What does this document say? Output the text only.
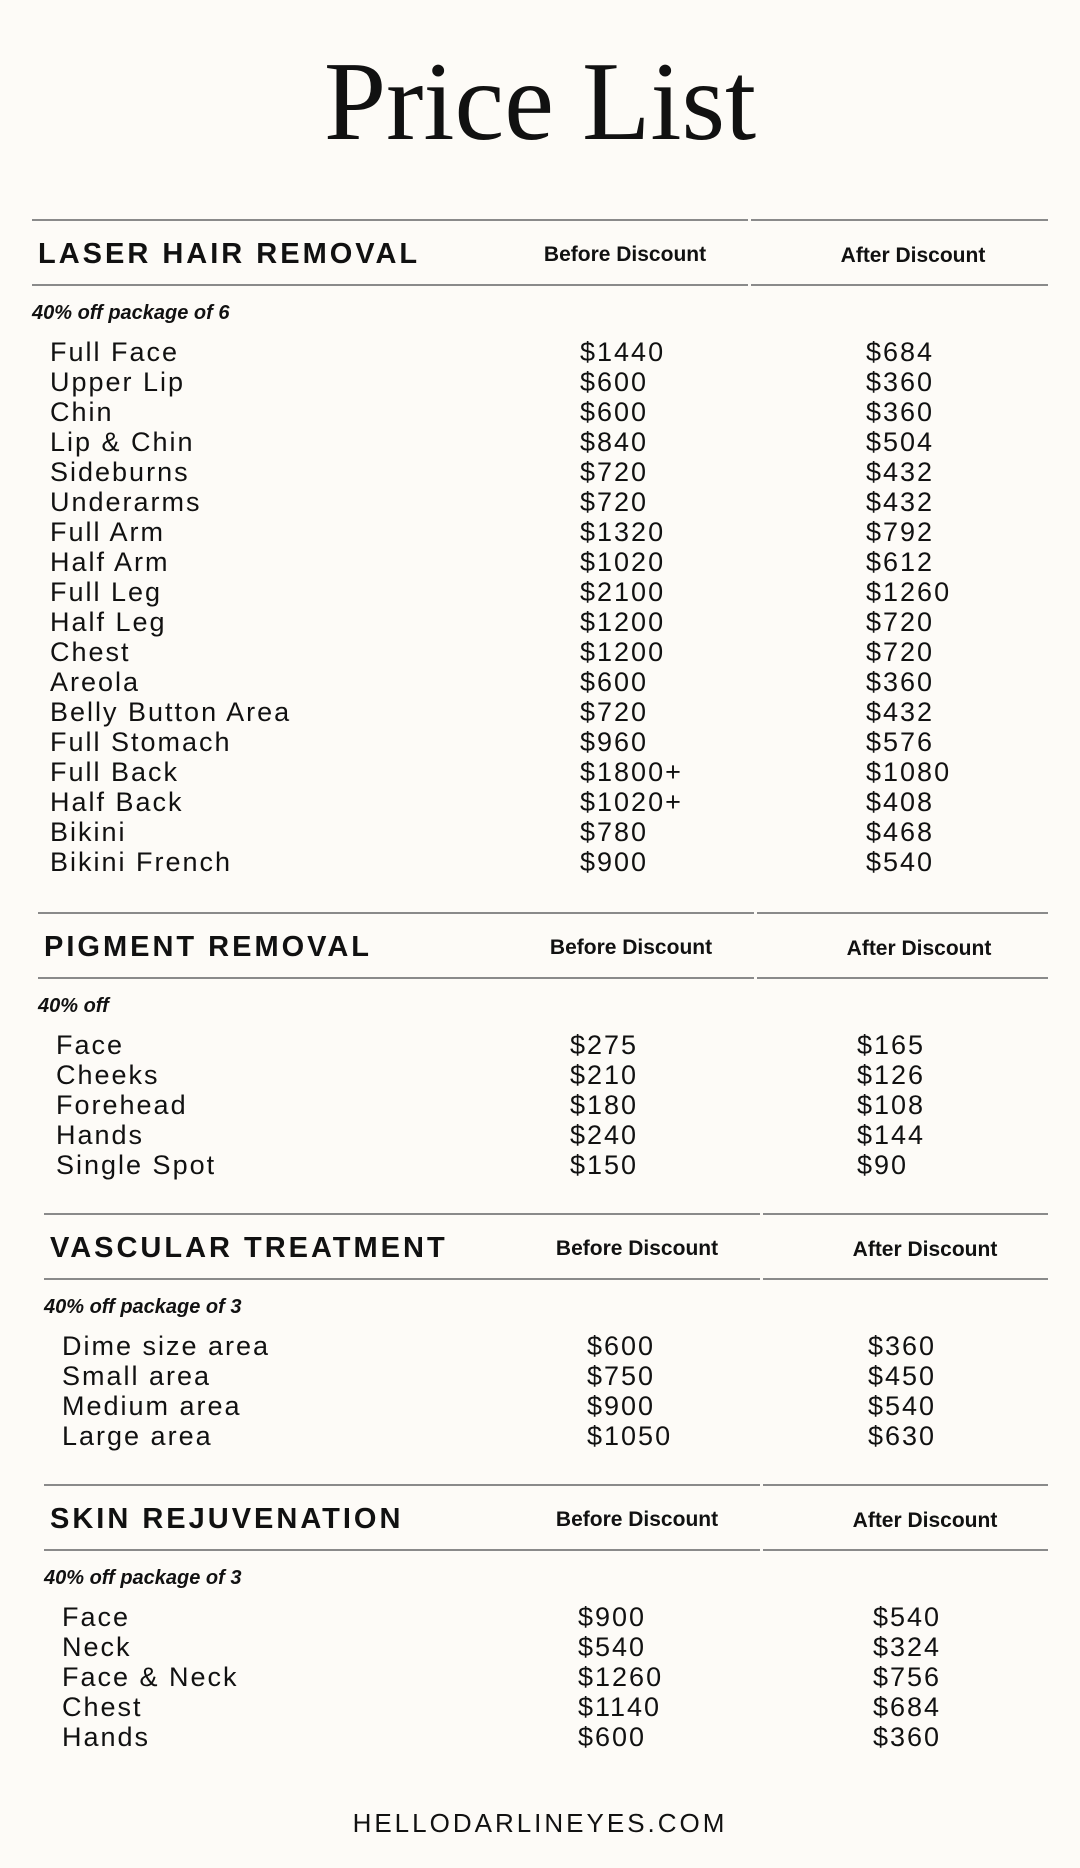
Price List
LASER HAIR REMOVAL	Before Discount	After Discount
40% off package of 6
Full Face	$1440	$684
Upper Lip	$600	$360
Chin	$600	$360
Lip & Chin	$840	$504
Sideburns	$720	$432
Underarms	$720	$432
Full Arm	$1320	$792
Half Arm	$1020	$612
Full Leg	$2100	$1260
Half Leg	$1200	$720
Chest	$1200	$720
Areola	$600	$360
Belly Button Area	$720	$432
Full Stomach	$960	$576
Full Back	$1800+	$1080
Half Back	$1020+	$408
Bikini	$780	$468
Bikini French	$900	$540
PIGMENT REMOVAL	Before Discount	After Discount
40% off
Face	$275	$165
Cheeks	$210	$126
Forehead	$180	$108
Hands	$240	$144
Single Spot	$150	$90
VASCULAR TREATMENT	Before Discount	After Discount
40% off package of 3
Dime size area	$600	$360
Small area	$750	$450
Medium area	$900	$540
Large area	$1050	$630
SKIN REJUVENATION	Before Discount	After Discount
40% off package of 3
Face	$900	$540
Neck	$540	$324
Face & Neck	$1260	$756
Chest	$1140	$684
Hands	$600	$360
HELLODARLINEYES.COM
